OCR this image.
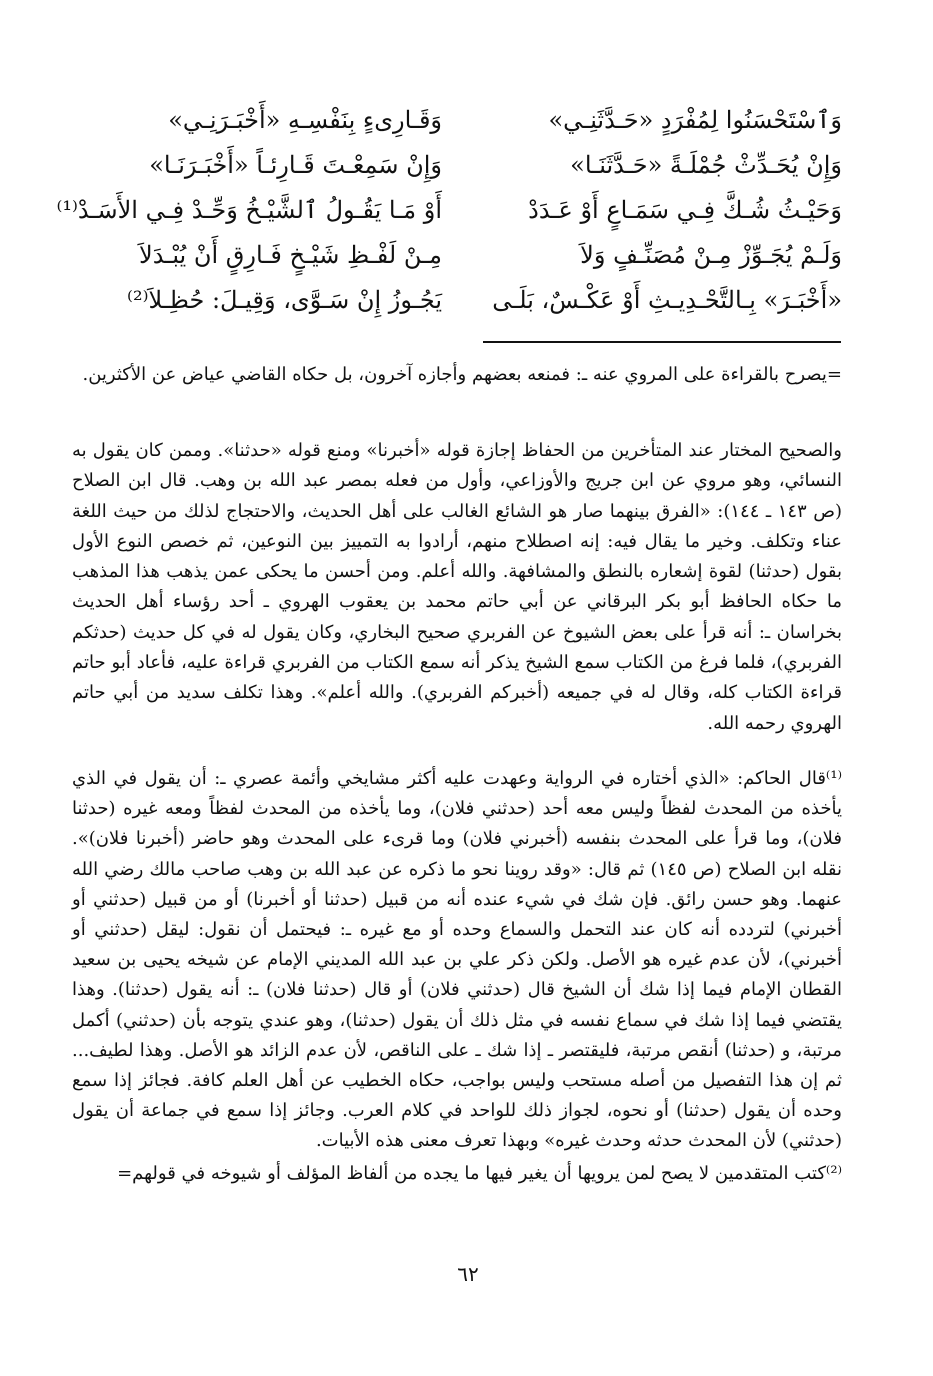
وَٱسْتَحْسَنُوا لِمُفْرَدٍ «حَـدَّثَنِـي»
وَقَـارِىءٍ بِنَفْسِـهِ «أَخْبَـرَنِـي»
وَإِنْ يُحَـدِّثْ جُمْلَـةً «حَـدَّثَنَـا»
وَإِنْ سَمِعْـتَ قَـارِئـاً «أَخْبَـرَنَـا»
وَحَيْـثُ شُـكَّ فِـي سَمَـاعٍ أَوْ عَـدَدْ
أَوْ مَـا يَقُـولُ ٱلشَّيْـخُ وَحِّـدْ فِـي الأَسَـدْ⁽¹⁾
وَلَـمْ يُجَـوِّزْ مِـنْ مُصَنِّـفٍ وَلاَ
مِـنْ لَفْـظِ شَيْـخٍ فَـارِقٍ أَنْ يُبْـدَلاَ
«أَخْبَـرَ» بِـالتَّحْـدِيـثِ أَوْ عَكْـسٌ، بَلَـى
يَجُـوزُ إِنْ سَـوَّى، وَقِيـلَ: حُظِـلاَ⁽²⁾

=يصرح بالقراءة على المروي عنه ـ: فمنعه بعضهم وأجازه آخرون، بل حكاه القاضي عياض عن الأكثرين.

والصحيح المختار عند المتأخرين من الحفاظ إجازة قوله «أخبرنا» ومنع قوله «حدثنا». وممن كان يقول به النسائي، وهو مروي عن ابن جريج والأوزاعي، وأول من فعله بمصر عبد الله بن وهب. قال ابن الصلاح (ص ١٤٣ ـ ١٤٤): «الفرق بينهما صار هو الشائع الغالب على أهل الحديث، والاحتجاج لذلك من حيث اللغة عناء وتكلف. وخير ما يقال فيه: إنه اصطلاح منهم، أرادوا به التمييز بين النوعين، ثم خصص النوع الأول بقول (حدثنا) لقوة إشعاره بالنطق والمشافهة. والله أعلم. ومن أحسن ما يحكى عمن يذهب هذا المذهب ما حكاه الحافظ أبو بكر البرقاني عن أبي حاتم محمد بن يعقوب الهروي ـ أحد رؤساء أهل الحديث بخراسان ـ: أنه قرأ على بعض الشيوخ عن الفربري صحيح البخاري، وكان يقول له في كل حديث (حدثكم الفربري)، فلما فرغ من الكتاب سمع الشيخ يذكر أنه سمع الكتاب من الفربري قراءة عليه، فأعاد أبو حاتم قراءة الكتاب كله، وقال له في جميعه (أخبركم الفربري). والله أعلم». وهذا تكلف سديد من أبي حاتم الهروي رحمه الله.

⁽¹⁾قال الحاكم: «الذي أختاره في الرواية وعهدت عليه أكثر مشايخي وأئمة عصري ـ: أن يقول في الذي يأخذه من المحدث لفظاً وليس معه أحد (حدثني فلان)، وما يأخذه من المحدث لفظاً ومعه غيره (حدثنا فلان)، وما قرأ على المحدث بنفسه (أخبرني فلان) وما قرىء على المحدث وهو حاضر (أخبرنا فلان)». نقله ابن الصلاح (ص ١٤٥) ثم قال: «وقد روينا نحو ما ذكره عن عبد الله بن وهب صاحب مالك رضي الله عنهما. وهو حسن رائق. فإن شك في شيء عنده أنه من قبيل (حدثنا أو أخبرنا) أو من قبيل (حدثني أو أخبرني) لتردده أنه كان عند التحمل والسماع وحده أو مع غيره ـ: فيحتمل أن نقول: ليقل (حدثني أو أخبرني)، لأن عدم غيره هو الأصل. ولكن ذكر علي بن عبد الله المديني الإمام عن شيخه يحيى بن سعيد القطان الإمام فيما إذا شك أن الشيخ قال (حدثني فلان) أو قال (حدثنا فلان) ـ: أنه يقول (حدثنا). وهذا يقتضي فيما إذا شك في سماع نفسه في مثل ذلك أن يقول (حدثنا)، وهو عندي يتوجه بأن (حدثني) أكمل مرتبة، و (حدثنا) أنقص مرتبة، فليقتصر ـ إذا شك ـ على الناقص، لأن عدم الزائد هو الأصل. وهذا لطيف... ثم إن هذا التفصيل من أصله مستحب وليس بواجب، حكاه الخطيب عن أهل العلم كافة. فجائز إذا سمع وحده أن يقول (حدثنا) أو نحوه، لجواز ذلك للواحد في كلام العرب. وجائز إذا سمع في جماعة أن يقول (حدثني) لأن المحدث حدثه وحدث غيره» وبهذا تعرف معنى هذه الأبيات.

⁽²⁾كتب المتقدمين لا يصح لمن يرويها أن يغير فيها ما يجده من ألفاظ المؤلف أو شيوخه في قولهم=

٦٢
